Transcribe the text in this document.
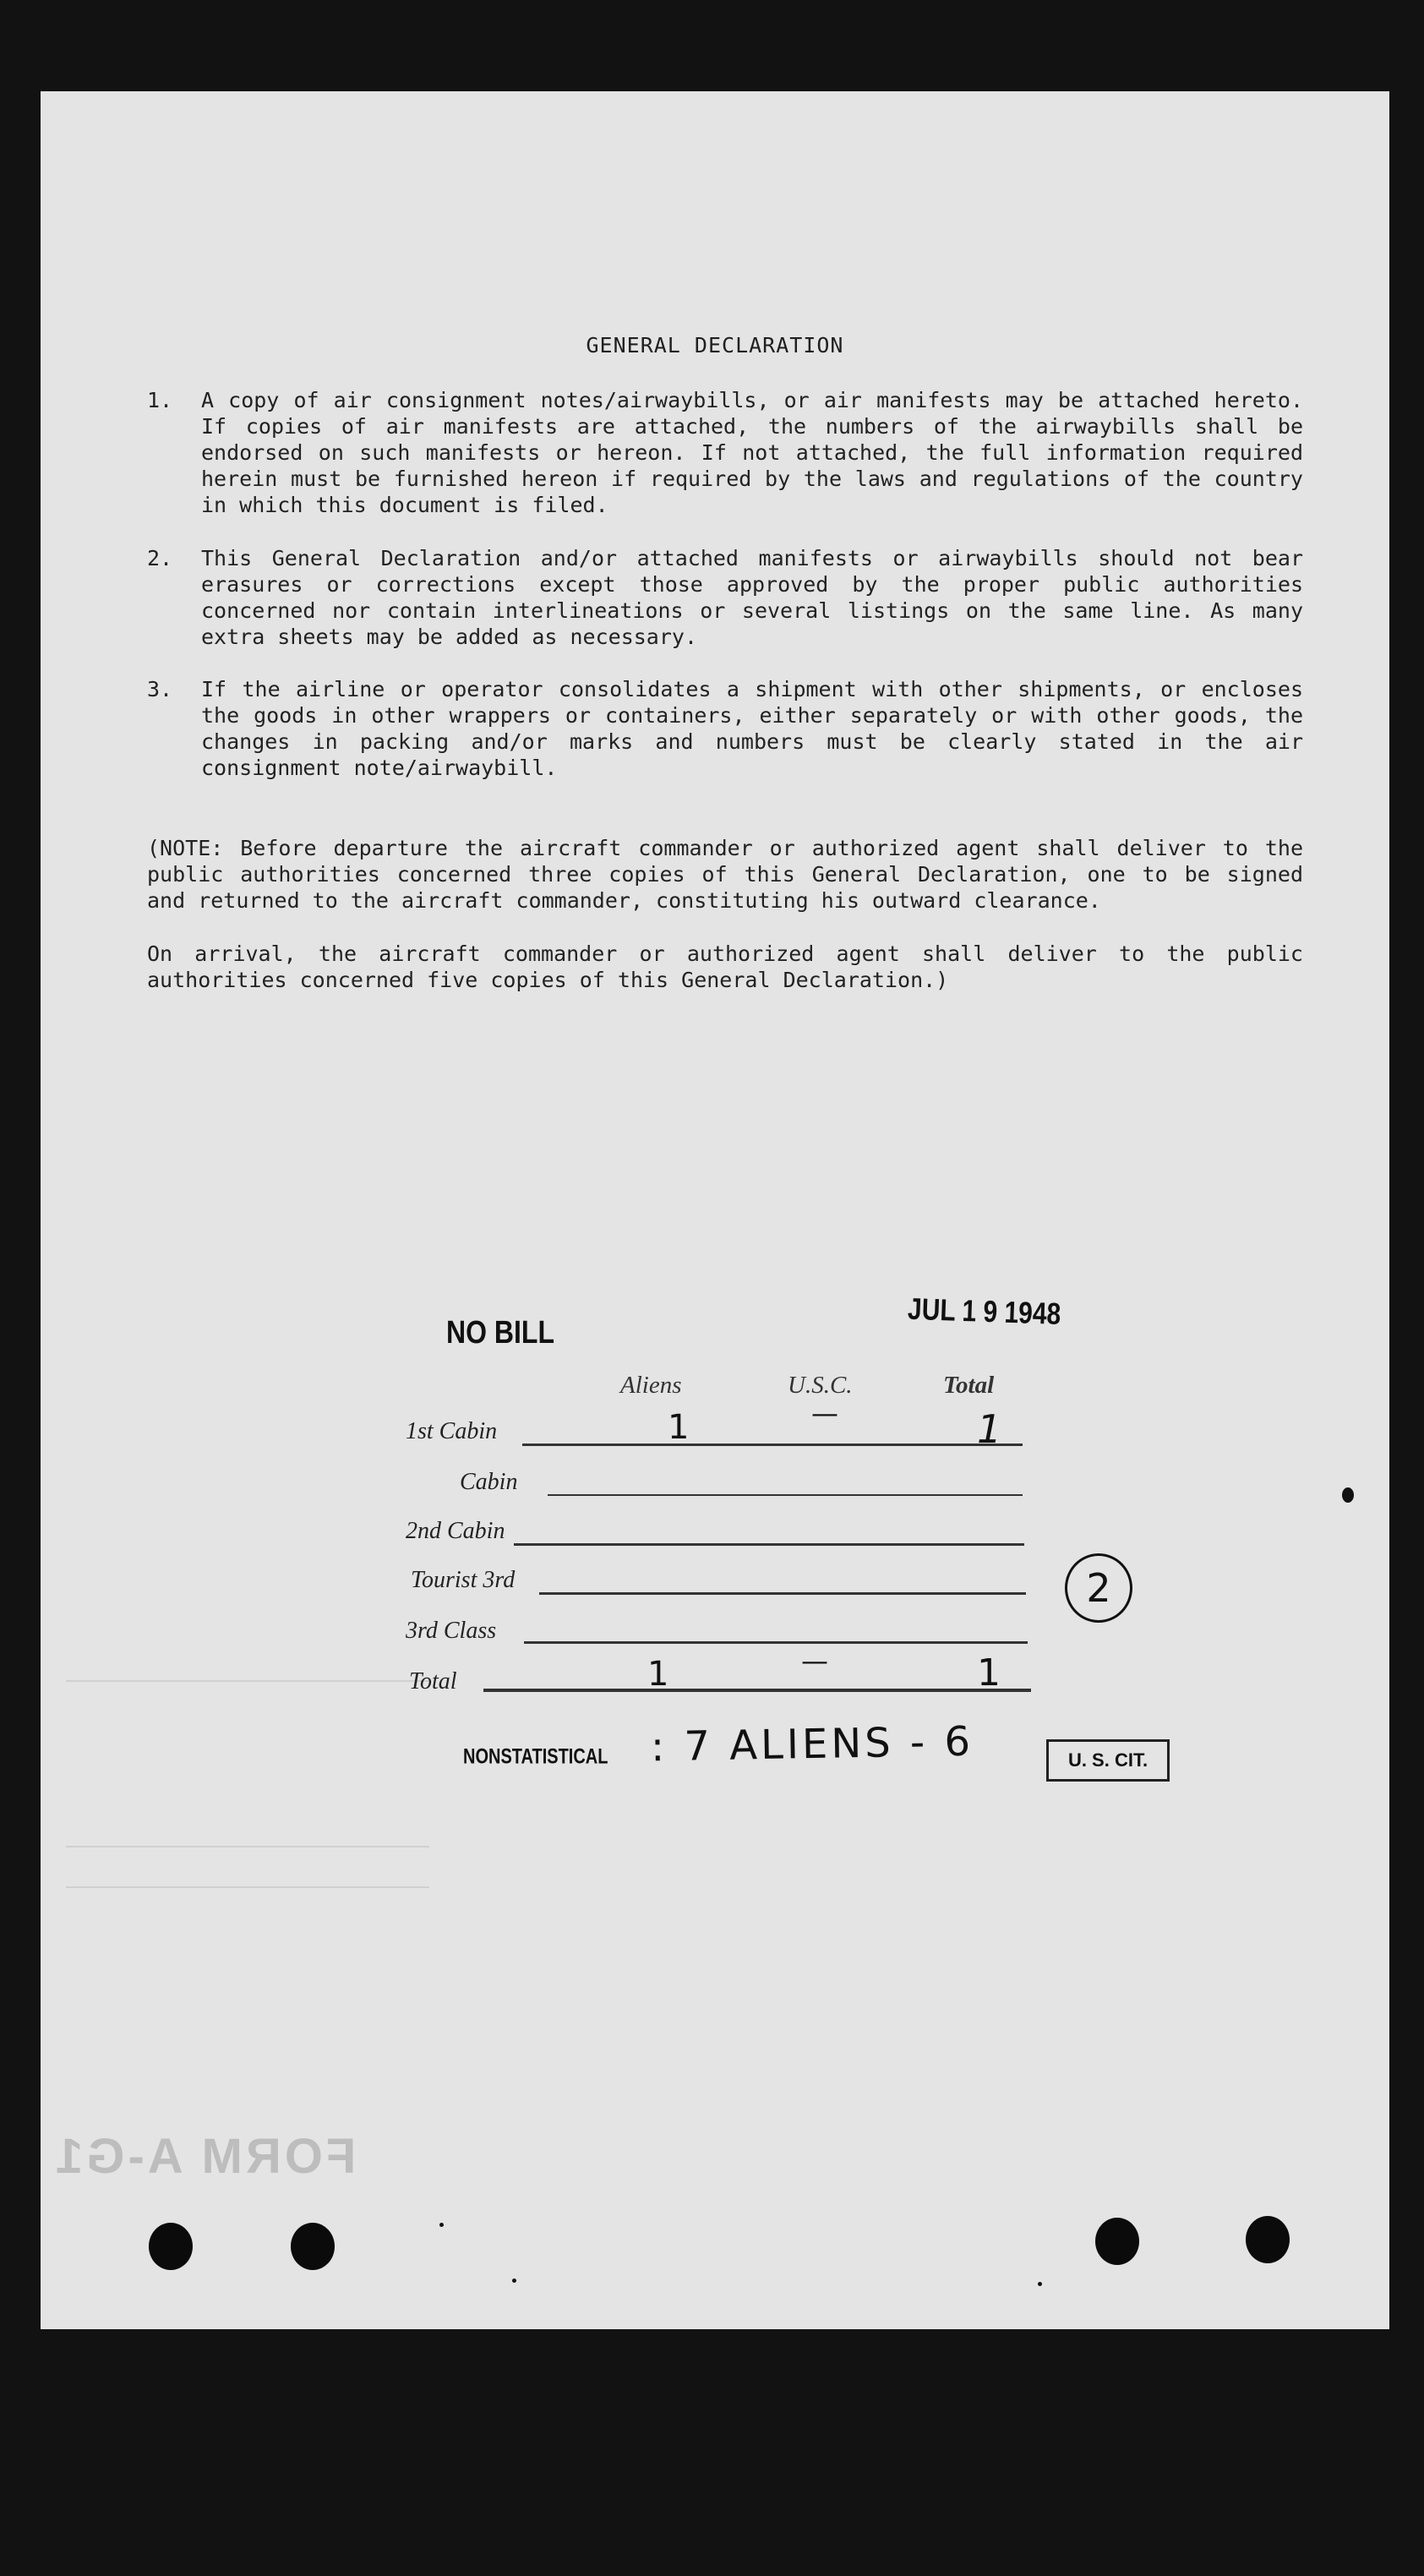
FORM A-G1
GENERAL DECLARATION
1. A copy of air consignment notes/airwaybills, or air manifests may be attached hereto. If copies of air manifests are attached, the numbers of the airwaybills shall be endorsed on such manifests or hereon. If not attached, the full information required herein must be furnished hereon if required by the laws and regulations of the country in which this document is filed.
2. This General Declaration and/or attached manifests or airwaybills should not bear erasures or corrections except those approved by the proper public authorities concerned nor contain interlineations or several listings on the same line. As many extra sheets may be added as necessary.
3. If the airline or operator consolidates a shipment with other shipments, or encloses the goods in other wrappers or containers, either separately or with other goods, the changes in packing and/or marks and numbers must be clearly stated in the air consignment note/airwaybill.
(NOTE: Before departure the aircraft commander or authorized agent shall deliver to the public authorities concerned three copies of this General Declaration, one to be signed and returned to the aircraft commander, constituting his outward clearance.
On arrival, the aircraft commander or authorized agent shall deliver to the public authorities concerned five copies of this General Declaration.)
NO BILL
JUL 1 9 1948
Aliens	U.S.C.	Total
1st Cabin	1	—	1
Cabin
2nd Cabin
Tourist 3rd
3rd Class
Total	1	—	1
2
NONSTATISTICAL : 7 ALIENS - 6	U. S. CIT.
